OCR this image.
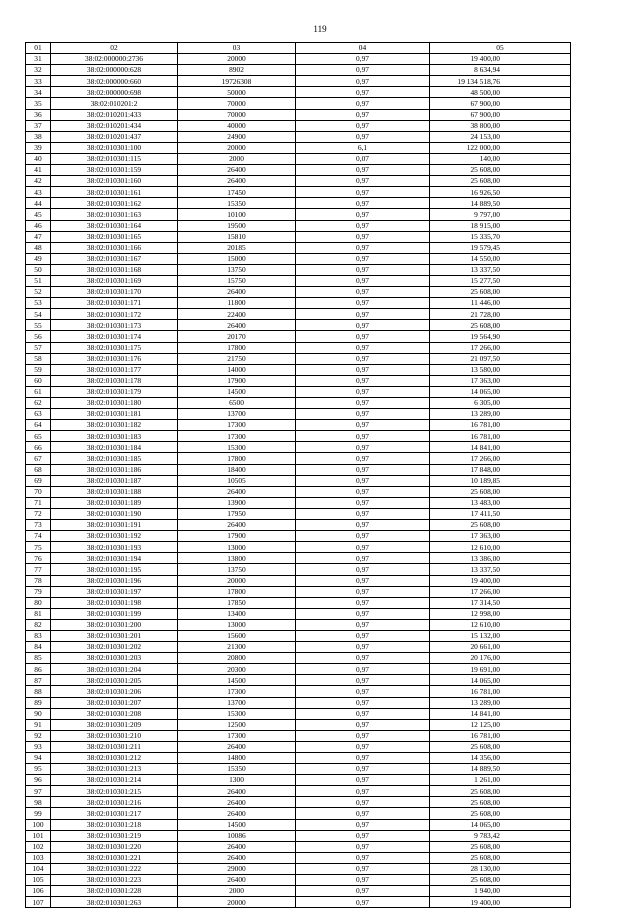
119
01	02	03	04	05
31	38:02:000000:2736	20000	0,97	19 400,00
32	38:02:000000:628	8902	0,97	8 634,94
33	38:02:000000:660	19726308	0,97	19 134 518,76
34	38:02:000000:698	50000	0,97	48 500,00
35	38:02:010201:2	70000	0,97	67 900,00
36	38:02:010201:433	70000	0,97	67 900,00
37	38:02:010201:434	40000	0,97	38 800,00
38	38:02:010201:437	24900	0,97	24 153,00
39	38:02:010301:100	20000	6,1	122 000,00
40	38:02:010301:115	2000	0,07	140,00
41	38:02:010301:159	26400	0,97	25 608,00
42	38:02:010301:160	26400	0,97	25 608,00
43	38:02:010301:161	17450	0,97	16 926,50
44	38:02:010301:162	15350	0,97	14 889,50
45	38:02:010301:163	10100	0,97	9 797,00
46	38:02:010301:164	19500	0,97	18 915,00
47	38:02:010301:165	15810	0,97	15 335,70
48	38:02:010301:166	20185	0,97	19 579,45
49	38:02:010301:167	15000	0,97	14 550,00
50	38:02:010301:168	13750	0,97	13 337,50
51	38:02:010301:169	15750	0,97	15 277,50
52	38:02:010301:170	26400	0,97	25 608,00
53	38:02:010301:171	11800	0,97	11 446,00
54	38:02:010301:172	22400	0,97	21 728,00
55	38:02:010301:173	26400	0,97	25 608,00
56	38:02:010301:174	20170	0,97	19 564,90
57	38:02:010301:175	17800	0,97	17 266,00
58	38:02:010301:176	21750	0,97	21 097,50
59	38:02:010301:177	14000	0,97	13 580,00
60	38:02:010301:178	17900	0,97	17 363,00
61	38:02:010301:179	14500	0,97	14 065,00
62	38:02:010301:180	6500	0,97	6 305,00
63	38:02:010301:181	13700	0,97	13 289,00
64	38:02:010301:182	17300	0,97	16 781,00
65	38:02:010301:183	17300	0,97	16 781,00
66	38:02:010301:184	15300	0,97	14 841,00
67	38:02:010301:185	17800	0,97	17 266,00
68	38:02:010301:186	18400	0,97	17 848,00
69	38:02:010301:187	10505	0,97	10 189,85
70	38:02:010301:188	26400	0,97	25 608,00
71	38:02:010301:189	13900	0,97	13 483,00
72	38:02:010301:190	17950	0,97	17 411,50
73	38:02:010301:191	26400	0,97	25 608,00
74	38:02:010301:192	17900	0,97	17 363,00
75	38:02:010301:193	13000	0,97	12 610,00
76	38:02:010301:194	13800	0,97	13 386,00
77	38:02:010301:195	13750	0,97	13 337,50
78	38:02:010301:196	20000	0,97	19 400,00
79	38:02:010301:197	17800	0,97	17 266,00
80	38:02:010301:198	17850	0,97	17 314,50
81	38:02:010301:199	13400	0,97	12 998,00
82	38:02:010301:200	13000	0,97	12 610,00
83	38:02:010301:201	15600	0,97	15 132,00
84	38:02:010301:202	21300	0,97	20 661,00
85	38:02:010301:203	20800	0,97	20 176,00
86	38:02:010301:204	20300	0,97	19 691,00
87	38:02:010301:205	14500	0,97	14 065,00
88	38:02:010301:206	17300	0,97	16 781,00
89	38:02:010301:207	13700	0,97	13 289,00
90	38:02:010301:208	15300	0,97	14 841,00
91	38:02:010301:209	12500	0,97	12 125,00
92	38:02:010301:210	17300	0,97	16 781,00
93	38:02:010301:211	26400	0,97	25 608,00
94	38:02:010301:212	14800	0,97	14 356,00
95	38:02:010301:213	15350	0,97	14 889,50
96	38:02:010301:214	1300	0,97	1 261,00
97	38:02:010301:215	26400	0,97	25 608,00
98	38:02:010301:216	26400	0,97	25 608,00
99	38:02:010301:217	26400	0,97	25 608,00
100	38:02:010301:218	14500	0,97	14 065,00
101	38:02:010301:219	10086	0,97	9 783,42
102	38:02:010301:220	26400	0,97	25 608,00
103	38:02:010301:221	26400	0,97	25 608,00
104	38:02:010301:222	29000	0,97	28 130,00
105	38:02:010301:223	26400	0,97	25 608,00
106	38:02:010301:228	2000	0,97	1 940,00
107	38:02:010301:263	20000	0,97	19 400,00
